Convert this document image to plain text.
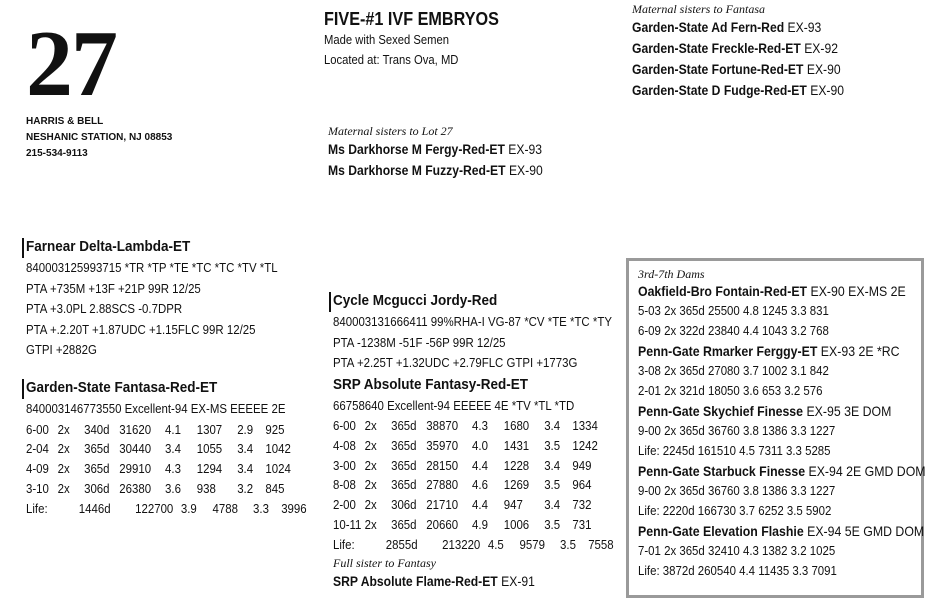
27
HARRIS & BELL
NESHANIC STATION, NJ 08853
215-534-9113
FIVE-#1 IVF EMBRYOS
Made with Sexed Semen
Located at: Trans Ova, MD
Maternal sisters to Fantasa
Garden-State Ad Fern-Red EX-93
Garden-State Freckle-Red-ET EX-92
Garden-State Fortune-Red-ET EX-90
Garden-State D Fudge-Red-ET EX-90
Maternal sisters to Lot 27
Ms Darkhorse M Fergy-Red-ET EX-93
Ms Darkhorse M Fuzzy-Red-ET EX-90
Farnear Delta-Lambda-ET
840003125993715 *TR *TP *TE *TC *TC *TV *TL
PTA +735M +13F +21P 99R 12/25
PTA +3.0PL 2.88SCS -0.7DPR
PTA +.2.20T +1.87UDC +1.15FLC 99R 12/25
GTPI +2882G
Garden-State Fantasa-Red-ET
840003146773550 Excellent-94 EX-MS EEEEE 2E
6-00 2x 340d 31620 4.1 1307 2.9 925
2-04 2x 365d 30440 3.4 1055 3.4 1042
4-09 2x 365d 29910 4.3 1294 3.4 1024
3-10 2x 306d 26380 3.6 938 3.2 845
Life: 1446d 122700 3.9 4788 3.3 3996
Cycle Mcgucci Jordy-Red
840003131666411 99%RHA-I VG-87 *CV *TE *TC *TY
PTA -1238M -51F -56P 99R 12/25
PTA +2.25T +1.32UDC +2.79FLC GTPI +1773G
SRP Absolute Fantasy-Red-ET
66758640 Excellent-94 EEEEE 4E *TV *TL *TD
6-00 2x 365d 38870 4.3 1680 3.4 1334
4-08 2x 365d 35970 4.0 1431 3.5 1242
3-00 2x 365d 28150 4.4 1228 3.4 949
8-08 2x 365d 27880 4.6 1269 3.5 964
2-00 2x 306d 21710 4.4 947 3.4 732
10-11 2x 365d 20660 4.9 1006 3.5 731
Life: 2855d 213220 4.5 9579 3.5 7558
Full sister to Fantasy
SRP Absolute Flame-Red-ET EX-91
3rd-7th Dams
Oakfield-Bro Fontain-Red-ET EX-90 EX-MS 2E
5-03 2x 365d 25500 4.8 1245 3.3 831
6-09 2x 322d 23840 4.4 1043 3.2 768
Penn-Gate Rmarker Ferggy-ET EX-93 2E *RC
3-08 2x 365d 27080 3.7 1002 3.1 842
2-01 2x 321d 18050 3.6 653 3.2 576
Penn-Gate Skychief Finesse EX-95 3E DOM
9-00 2x 365d 36760 3.8 1386 3.3 1227
Life: 2245d 161510 4.5 7311 3.3 5285
Penn-Gate Starbuck Finesse EX-94 2E GMD DOM
9-00 2x 365d 36760 3.8 1386 3.3 1227
Life: 2220d 166730 3.7 6252 3.5 5902
Penn-Gate Elevation Flashie EX-94 5E GMD DOM
7-01 2x 365d 32410 4.3 1382 3.2 1025
Life: 3872d 260540 4.4 11435 3.3 7091
